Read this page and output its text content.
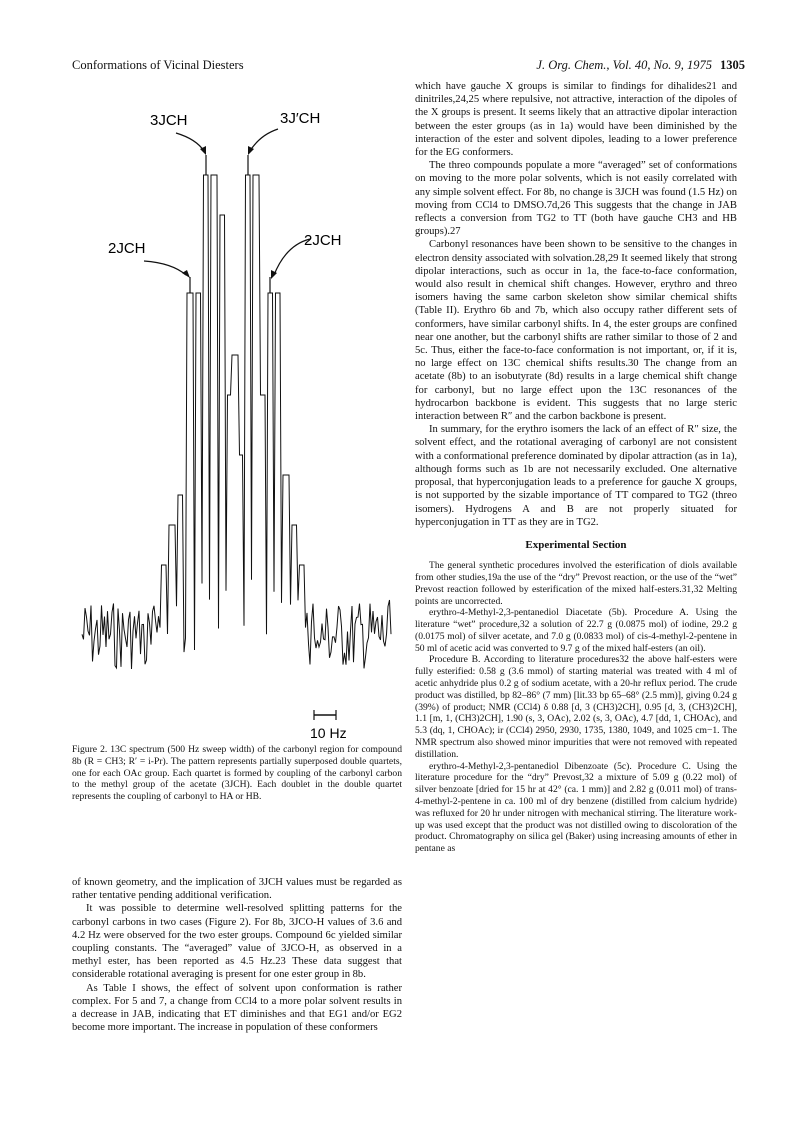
Conformations of Vicinal Diesters	J. Org. Chem., Vol. 40, No. 9, 1975 1305
3JCH	3J′CH
2JCH	2JCH
10 Hz
Figure 2. 13C spectrum (500 Hz sweep width) of the carbonyl region for compound 8b (R = CH3; R′ = i-Pr). The pattern represents partially superposed double quartets, one for each OAc group. Each quartet is formed by coupling of the carbonyl carbon to the methyl group of the acetate (3JCH). Each doublet in the double quartet represents the coupling of carbonyl to HA or HB.

of known geometry, and the implication of 3JCH values must be regarded as rather tentative pending additional verification.

It was possible to determine well-resolved splitting patterns for the carbonyl carbons in two cases (Figure 2). For 8b, 3JCO-H values of 3.6 and 4.2 Hz were observed for the two ester groups. Compound 6c yielded similar coupling constants. The “averaged” value of 3JCO-H, as observed in a methyl ester, has been reported as 4.5 Hz.23 These data suggest that considerable rotational averaging is present for one ester group in 8b.

As Table I shows, the effect of solvent upon conformation is rather complex. For 5 and 7, a change from CCl4 to a more polar solvent results in a decrease in JAB, indicating that ET diminishes and that EG1 and/or EG2 become more important. The increase in population of these conformers

which have gauche X groups is similar to findings for dihalides21 and dinitriles,24,25 where repulsive, not attractive, interaction of the dipoles of the X groups is present. It seems likely that an attractive dipolar interaction between the ester groups (as in 1a) would have been diminished by the interaction of the ester and solvent dipoles, leading to a lower preference for the EG conformers.

The threo compounds populate a more “averaged” set of conformations on moving to the more polar solvents, which is not easily correlated with any simple solvent effect. For 8b, no change is 3JCH was found (1.5 Hz) on moving from CCl4 to DMSO.7d,26 This suggests that the change in JAB reflects a conversion from TG2 to TT (both have gauche CH3 and HB groups).27

Carbonyl resonances have been shown to be sensitive to the changes in electron density associated with solvation.28,29 It seemed likely that strong dipolar interactions, such as occur in 1a, the face-to-face conformation, would also result in chemical shift changes. However, erythro and threo isomers having the same carbon skeleton show similar chemical shifts (Table II). Erythro 6b and 7b, which also occupy rather different sets of conformers, have similar carbonyl shifts. In 4, the ester groups are confined near one another, but the carbonyl shifts are rather similar to those of 2 and 5c. Thus, either the face-to-face conformation is not important, or, if it is, no large effect on 13C chemical shifts results.30 The change from an acetate (8b) to an isobutyrate (8d) results in a large chemical shift change for carbonyl, but no large effect upon the 13C resonances of the hydrocarbon backbone is evident. This suggests that no large steric interaction between R″ and the carbon backbone is present.

In summary, for the erythro isomers the lack of an effect of R″ size, the solvent effect, and the rotational averaging of carbonyl are not consistent with a conformational preference dominated by dipolar attraction (as in 1a), although forms such as 1b are not necessarily excluded. One alternative proposal, that hyperconjugation leads to a preference for gauche X groups, is not supported by the sizable importance of TT compared to TG2 (threo isomers). Hydrogens A and B are not properly situated for hyperconjugation in TT as they are in TG2.

Experimental Section

The general synthetic procedures involved the esterification of diols available from other studies,19a the use of the “dry” Prevost reaction, or the use of the “wet” Prevost reaction followed by esterification of the mixed half-esters.31,32 Melting points are uncorrected.

erythro-4-Methyl-2,3-pentanediol Diacetate (5b). Procedure A. Using the literature “wet” procedure,32 a solution of 22.7 g (0.0875 mol) of iodine, 29.2 g (0.0175 mol) of silver acetate, and 7.0 g (0.0833 mol) of cis-4-methyl-2-pentene in 50 ml of acetic acid was converted to 9.7 g of the mixed half-esters (an oil).

Procedure B. According to literature procedures32 the above half-esters were fully esterified: 0.58 g (3.6 mmol) of starting material was treated with 4 ml of acetic anhydride plus 0.2 g of sodium acetate, with a 20-hr reflux period. The crude product was distilled, bp 82–86° (7 mm) [lit.33 bp 65–68° (2.5 mm)], giving 0.24 g (39%) of product; NMR (CCl4) δ 0.88 [d, 3 (CH3)2CH], 0.95 [d, 3, (CH3)2CH], 1.1 [m, 1, (CH3)2CH], 1.90 (s, 3, OAc), 2.02 (s, 3, OAc), 4.7 [dd, 1, CHOAc), and 5.3 (dq, 1, CHOAc); ir (CCl4) 2950, 2930, 1735, 1380, 1049, and 1025 cm−1. The NMR spectrum also showed minor impurities that were not removed with repeated distillation.

erythro-4-Methyl-2,3-pentanediol Dibenzoate (5c). Procedure C. Using the literature procedure for the “dry” Prevost,32 a mixture of 5.09 g (0.22 mol) of silver benzoate [dried for 15 hr at 42° (ca. 1 mm)] and 2.82 g (0.011 mol) of trans-4-methyl-2-pentene in ca. 100 ml of dry benzene (distilled from calcium hydride) was refluxed for 20 hr under nitrogen with mechanical stirring. The literature work-up was used except that the product was not distilled owing to discoloration of the product. Chromatography on silica gel (Baker) using increasing amounts of ether in pentane as
